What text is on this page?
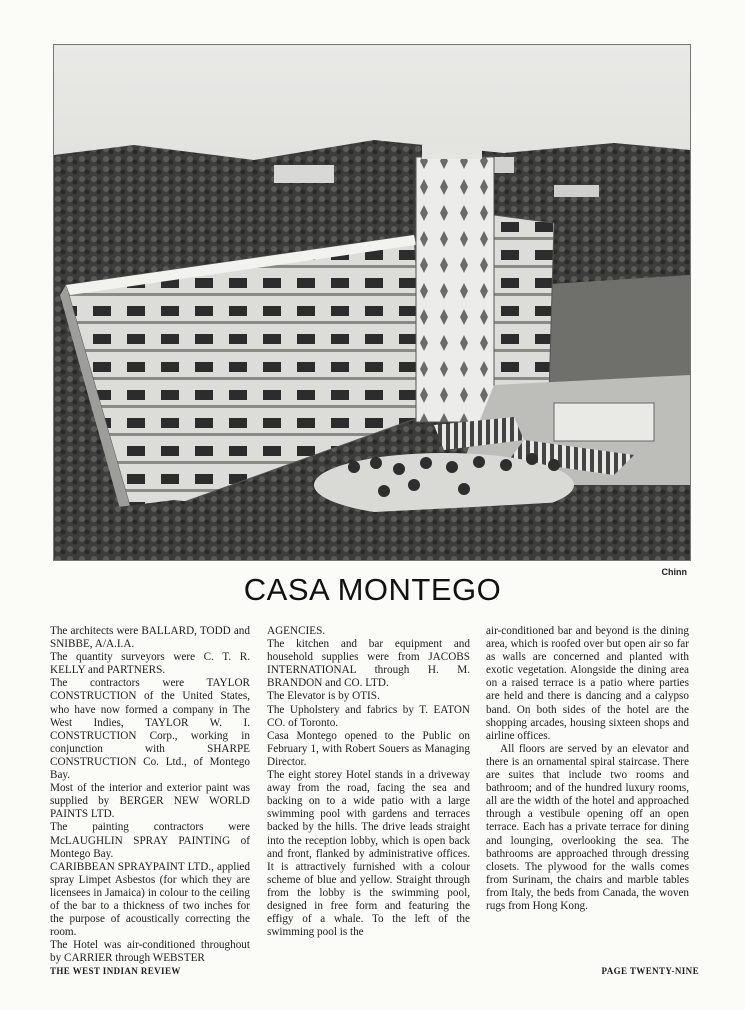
Chinn
CASA MONTEGO

The architects were BALLARD, TODD and SNIBBE, A/A.I.A.

The quantity surveyors were C. T. R. KELLY and PARTNERS.

The contractors were TAYLOR CONSTRUCTION of the United States, who have now formed a company in The West Indies, TAYLOR W. I. CONSTRUCTION Corp., working in conjunction with SHARPE CONSTRUCTION Co. Ltd., of Montego Bay.

Most of the interior and exterior paint was supplied by BERGER NEW WORLD PAINTS LTD.

The painting contractors were McLAUGHLIN SPRAY PAINTING of Montego Bay.

CARIBBEAN SPRAYPAINT LTD., applied spray Limpet Asbestos (for which they are licensees in Jamaica) in colour to the ceiling of the bar to a thickness of two inches for the purpose of acoustically correcting the room.

The Hotel was air-conditioned throughout by CARRIER through WEBSTER

AGENCIES.

The kitchen and bar equipment and household supplies were from JACOBS INTERNATIONAL through H. M. BRANDON and CO. LTD.

The Elevator is by OTIS.

The Upholstery and fabrics by T. EATON CO. of Toronto.

Casa Montego opened to the Public on February 1, with Robert Souers as Managing Director.

The eight storey Hotel stands in a driveway away from the road, facing the sea and backing on to a wide patio with a large swimming pool with gardens and terraces backed by the hills. The drive leads straight into the reception lobby, which is open back and front, flanked by administrative offices. It is attractively furnished with a colour scheme of blue and yellow. Straight through from the lobby is the swimming pool, designed in free form and featuring the effigy of a whale. To the left of the swimming pool is the

air-conditioned bar and beyond is the dining area, which is roofed over but open air so far as walls are concerned and planted with exotic vegetation. Alongside the dining area on a raised terrace is a patio where parties are held and there is dancing and a calypso band. On both sides of the hotel are the shopping arcades, housing sixteen shops and airline offices.

All floors are served by an elevator and there is an ornamental spiral staircase. There are suites that include two rooms and bathroom; and of the hundred luxury rooms, all are the width of the hotel and approached through a vestibule opening off an open terrace. Each has a private terrace for dining and lounging, overlooking the sea. The bathrooms are approached through dressing closets. The plywood for the walls comes from Surinam, the chairs and marble tables from Italy, the beds from Canada, the woven rugs from Hong Kong.

THE WEST INDIAN REVIEW	PAGE TWENTY-NINE
